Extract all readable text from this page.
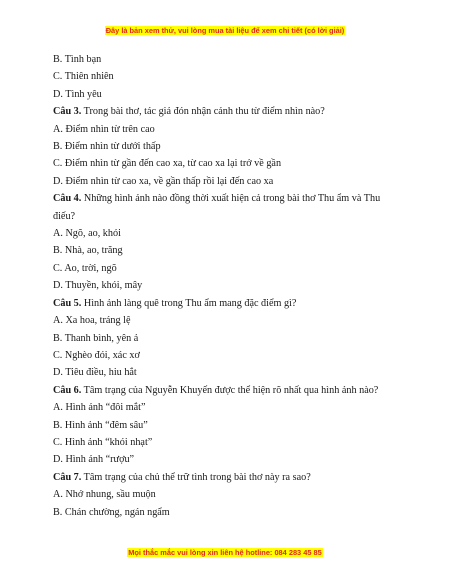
Đây là bản xem thử, vui lòng mua tài liệu để xem chi tiết (có lời giải)
B. Tình bạn
C. Thiên nhiên
D. Tình yêu
Câu 3. Trong bài thơ, tác giả đón nhận cảnh thu từ điểm nhìn nào?
A. Điểm nhìn từ trên cao
B. Điểm nhìn từ dưới thấp
C. Điểm nhìn từ gần đến cao xa, từ cao xa lại trở về gần
D. Điểm nhìn từ cao xa, về gần thấp rồi lại đến cao xa
Câu 4. Những hình ảnh nào đồng thời xuất hiện cả trong bài thơ Thu ẩm và Thu điếu?
A. Ngõ, ao, khói
B. Nhà, ao, trăng
C. Ao, trời, ngõ
D. Thuyền, khói, mây
Câu 5. Hình ảnh làng quê trong Thu ẩm mang đặc điểm gì?
A. Xa hoa, tráng lệ
B. Thanh bình, yên ả
C. Nghèo đói, xác xơ
D. Tiêu điều, hiu hắt
Câu 6. Tâm trạng của Nguyễn Khuyến được thể hiện rõ nhất qua hình ảnh nào?
A. Hình ảnh “đôi mắt”
B. Hình ảnh “đêm sâu”
C. Hình ảnh “khói nhạt”
D. Hình ảnh “rượu”
Câu 7. Tâm trạng của chủ thể trữ tình trong bài thơ này ra sao?
A. Nhớ nhung, sầu muộn
B. Chán chường, ngán ngẩm
Mọi thắc mắc vui lòng xin liên hệ hotline: 084 283 45 85
